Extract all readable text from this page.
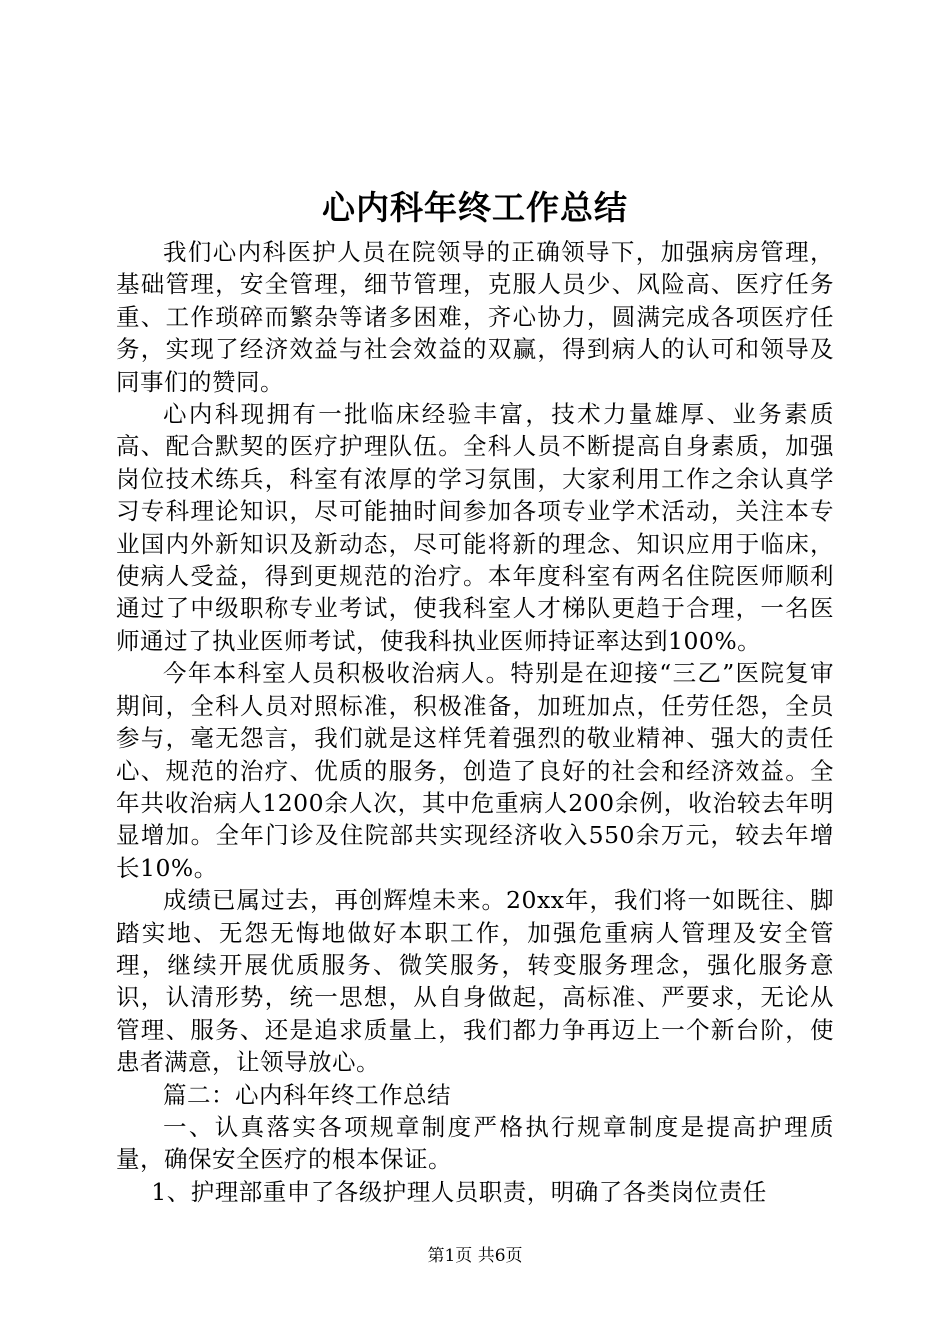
心内科年终工作总结

我们心内科医护人员在院领导的正确领导下，加强病房管理，基础管理，安全管理，细节管理，克服人员少、风险高、医疗任务重、工作琐碎而繁杂等诸多困难，齐心协力，圆满完成各项医疗任务，实现了经济效益与社会效益的双赢，得到病人的认可和领导及同事们的赞同。

心内科现拥有一批临床经验丰富，技术力量雄厚、业务素质高、配合默契的医疗护理队伍。全科人员不断提高自身素质，加强岗位技术练兵，科室有浓厚的学习氛围，大家利用工作之余认真学习专科理论知识，尽可能抽时间参加各项专业学术活动，关注本专业国内外新知识及新动态，尽可能将新的理念、知识应用于临床，使病人受益，得到更规范的治疗。本年度科室有两名住院医师顺利通过了中级职称专业考试，使我科室人才梯队更趋于合理，一名医师通过了执业医师考试，使我科执业医师持证率达到100%。

今年本科室人员积极收治病人。特别是在迎接“三乙”医院复审期间，全科人员对照标准，积极准备，加班加点，任劳任怨，全员参与，毫无怨言，我们就是这样凭着强烈的敬业精神、强大的责任心、规范的治疗、优质的服务，创造了良好的社会和经济效益。全年共收治病人1200余人次，其中危重病人200余例，收治较去年明显增加。全年门诊及住院部共实现经济收入550余万元，较去年增长10%。

成绩已属过去，再创辉煌未来。20xx年，我们将一如既往、脚踏实地、无怨无悔地做好本职工作，加强危重病人管理及安全管理，继续开展优质服务、微笑服务，转变服务理念，强化服务意识，认清形势，统一思想，从自身做起，高标准、严要求，无论从管理、服务、还是追求质量上，我们都力争再迈上一个新台阶，使患者满意，让领导放心。

篇二：心内科年终工作总结

一、认真落实各项规章制度严格执行规章制度是提高护理质量，确保安全医疗的根本保证。

1、护理部重申了各级护理人员职责，明确了各类岗位责任

第1页 共6页
